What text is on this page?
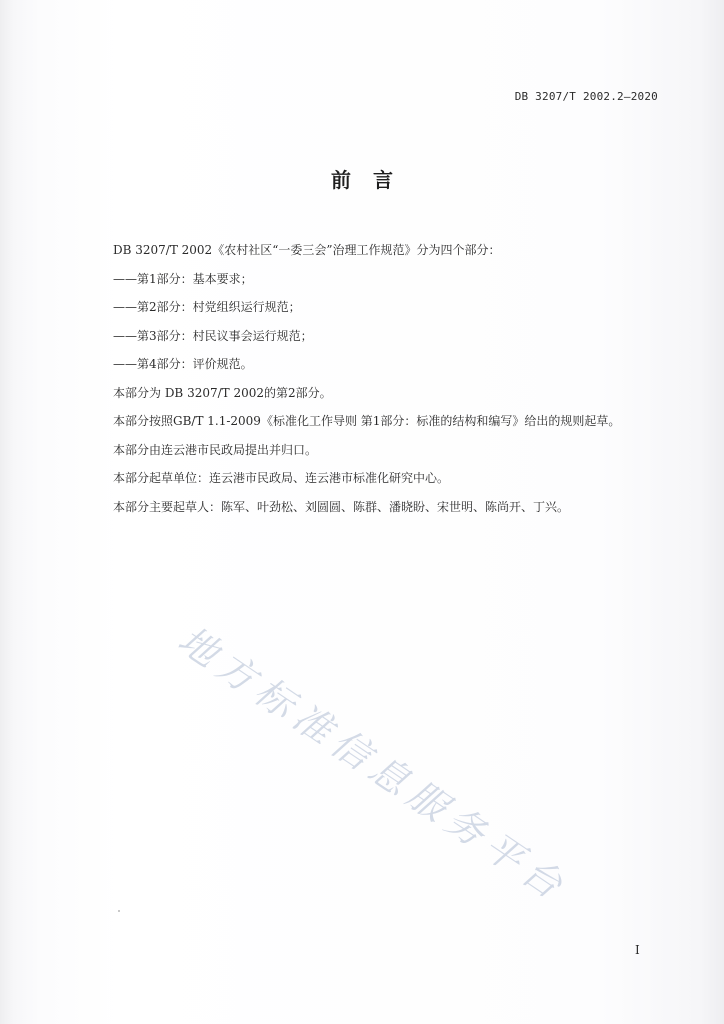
DB 3207/T 2002.2—2020
前言
DB 3207/T 2002《农村社区“一委三会”治理工作规范》分为四个部分：
——第1部分：基本要求；
——第2部分：村党组织运行规范；
——第3部分：村民议事会运行规范；
——第4部分：评价规范。
本部分为 DB 3207/T 2002的第2部分。
本部分按照GB/T 1.1-2009《标准化工作导则 第1部分：标准的结构和编写》给出的规则起草。
本部分由连云港市民政局提出并归口。
本部分起草单位：连云港市民政局、连云港市标准化研究中心。
本部分主要起草人：陈军、叶劲松、刘圆圆、陈群、潘晓盼、宋世明、陈尚开、丁兴。
地方标准信息服务平台
I
